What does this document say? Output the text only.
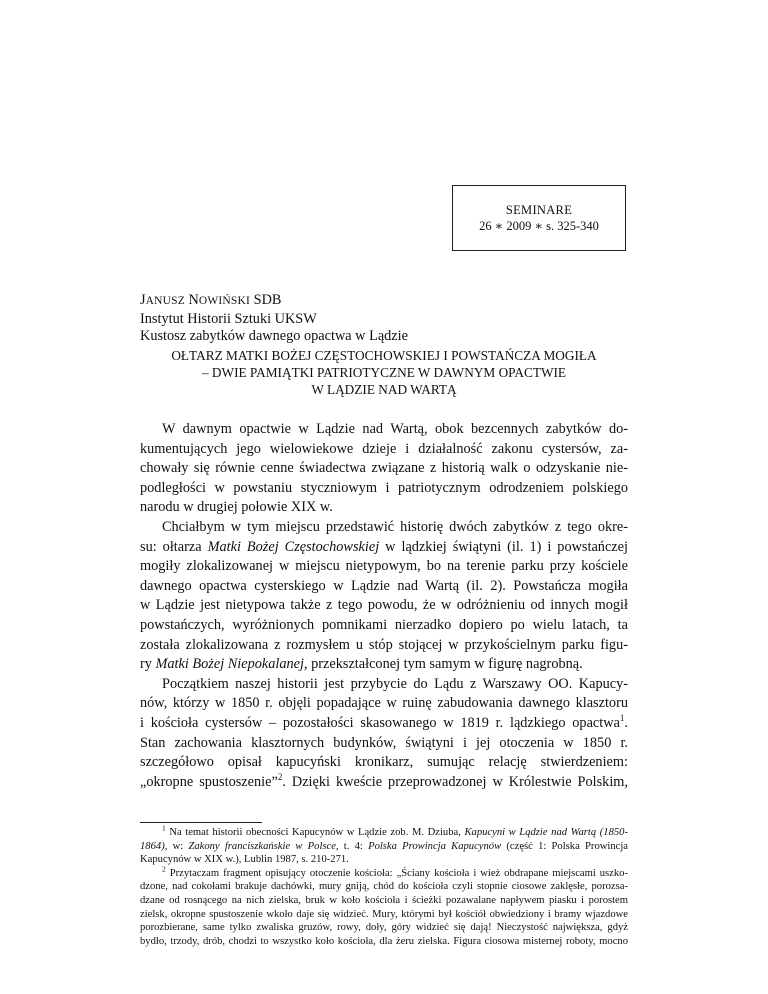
SEMINARE
26 ∗ 2009 ∗ s. 325-340
JANUSZ NOWIŃSKI SDB
Instytut Historii Sztuki UKSW
Kustosz zabytków dawnego opactwa w Lądzie
OŁTARZ MATKI BOŻEJ CZĘSTOCHOWSKIEJ I POWSTAŃCZA MOGIŁA
– DWIE PAMIĄTKI PATRIOTYCZNE W DAWNYM OPACTWIE
W LĄDZIE NAD WARTĄ
W dawnym opactwie w Lądzie nad Wartą, obok bezcennych zabytków do-
kumentujących jego wielowiekowe dzieje i działalność zakonu cystersów, za-
chowały się równie cenne świadectwa związane z historią walk o odzyskanie nie-
podległości w powstaniu styczniowym i patriotycznym odrodzeniem polskiego
narodu w drugiej połowie XIX w.
Chciałbym w tym miejscu przedstawić historię dwóch zabytków z tego okre-
su: ołtarza Matki Bożej Częstochowskiej w lądzkiej świątyni (il. 1) i powstańczej
mogiły zlokalizowanej w miejscu nietypowym, bo na terenie parku przy kościele
dawnego opactwa cysterskiego w Lądzie nad Wartą (il. 2). Powstańcza mogiła
w Lądzie jest nietypowa także z tego powodu, że w odróżnieniu od innych mogił
powstańczych, wyróżnionych pomnikami nierzadko dopiero po wielu latach, ta
została zlokalizowana z rozmysłem u stóp stojącej w przykościelnym parku figu-
ry Matki Bożej Niepokalanej, przekształconej tym samym w figurę nagrobną.
Początkiem naszej historii jest przybycie do Lądu z Warszawy OO. Kapucy-
nów, którzy w 1850 r. objęli popadające w ruinę zabudowania dawnego klasztoru
i kościoła cystersów – pozostałości skasowanego w 1819 r. lądzkiego opactwa$^1$.
Stan zachowania klasztornych budynków, świątyni i jej otoczenia w 1850 r.
szczegółowo opisał kapucyński kronikarz, sumując relację stwierdzeniem:
„okropne spustoszenie”$^2$. Dzięki kweście przeprowadzonej w Królestwie Polskim,
$^1$ Na temat historii obecności Kapucynów w Lądzie zob. M. Dziuba, Kapucyni w Lądzie nad Wartą (1850-
1864), w: Zakony franciszkańskie w Polsce, t. 4: Polska Prowincja Kapucynów (część 1: Polska Prowincja
Kapucynów w XIX w.), Lublin 1987, s. 210-271.
$^2$ Przytaczam fragment opisujący otoczenie kościoła: „Ściany kościoła i wież obdrapane miejscami uszko-
dzone, nad cokołami brakuje dachówki, mury gniją, chód do kościoła czyli stopnie ciosowe zaklęsłe, porozsa-
dzane od rosnącego na nich zielska, bruk w koło kościoła i ścieżki pozawalane napływem piasku i porostem
zielsk, okropne spustoszenie wkoło daje się widzieć. Mury, którymi był kościół obwiedziony i bramy wjazdowe
porozbierane, same tylko zwaliska gruzów, rowy, doły, góry widzieć się dają! Nieczystość największa, gdyż
bydło, trzody, drób, chodzi to wszystko koło kościoła, dla żeru zielska. Figura ciosowa misternej roboty, mocno
